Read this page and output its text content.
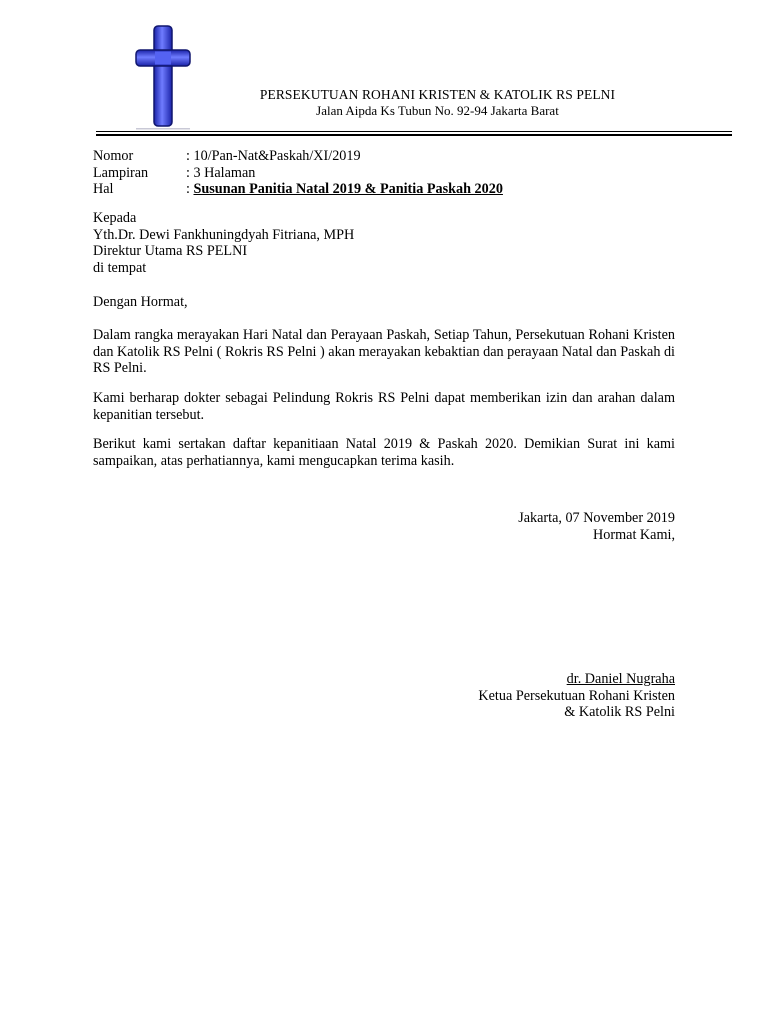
PERSEKUTUAN ROHANI KRISTEN & KATOLIK RS PELNI
Jalan Aipda Ks Tubun No. 92-94 Jakarta Barat
Nomor	: 10/Pan-Nat&Paskah/XI/2019
Lampiran	: 3 Halaman
Hal	: Susunan Panitia Natal 2019 & Panitia Paskah 2020
Kepada
Yth.Dr. Dewi Fankhuningdyah Fitriana, MPH
Direktur Utama RS PELNI
di tempat
Dengan Hormat,
Dalam rangka merayakan Hari Natal dan Perayaan Paskah, Setiap Tahun, Persekutuan Rohani Kristen dan Katolik RS Pelni ( Rokris RS Pelni ) akan merayakan kebaktian dan perayaan Natal dan Paskah di RS Pelni.
Kami berharap dokter sebagai Pelindung Rokris RS Pelni dapat memberikan izin dan arahan dalam kepanitian tersebut.
Berikut kami sertakan daftar kepanitiaan Natal 2019 & Paskah 2020. Demikian Surat ini kami sampaikan, atas perhatiannya, kami mengucapkan terima kasih.
Jakarta, 07 November 2019
Hormat Kami,
dr. Daniel Nugraha
Ketua Persekutuan Rohani Kristen
& Katolik RS Pelni
